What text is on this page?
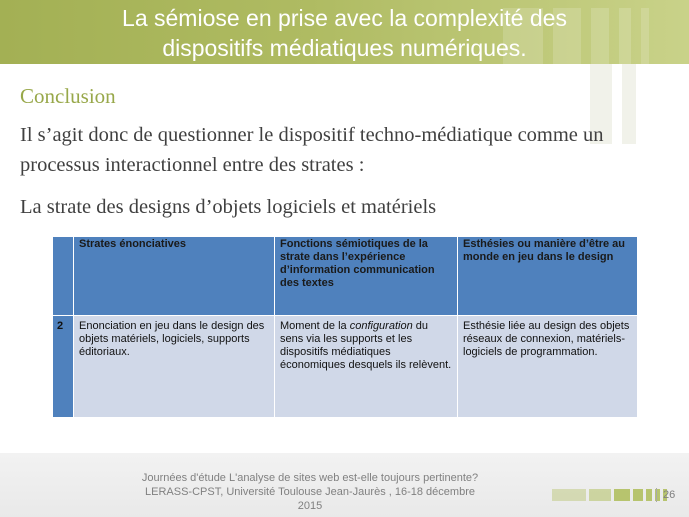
La sémiose en prise avec la complexité des
dispositifs médiatiques numériques.
Conclusion
Il s’agit donc de questionner le dispositif techno-médiatique comme un processus interactionnel entre des strates :
La strate des designs d’objets logiciels et matériels
	Strates énonciatives	Fonctions sémiotiques de la strate dans l’expérience d’information communication des textes	Esthésies ou manière d’être au monde en jeu dans le design
2	Enonciation en jeu dans le design des objets matériels, logiciels, supports éditoriaux.	Moment de la configuration du sens via les supports et les dispositifs médiatiques économiques desquels ils relèvent.	Esthésie liée au design des objets réseaux de connexion, matériels-logiciels de programmation.
Journées d'étude L'analyse de sites web est-elle toujours pertinente?
LERASS-CPST, Université Toulouse Jean-Jaurès , 16-18 décembre
2015
26
